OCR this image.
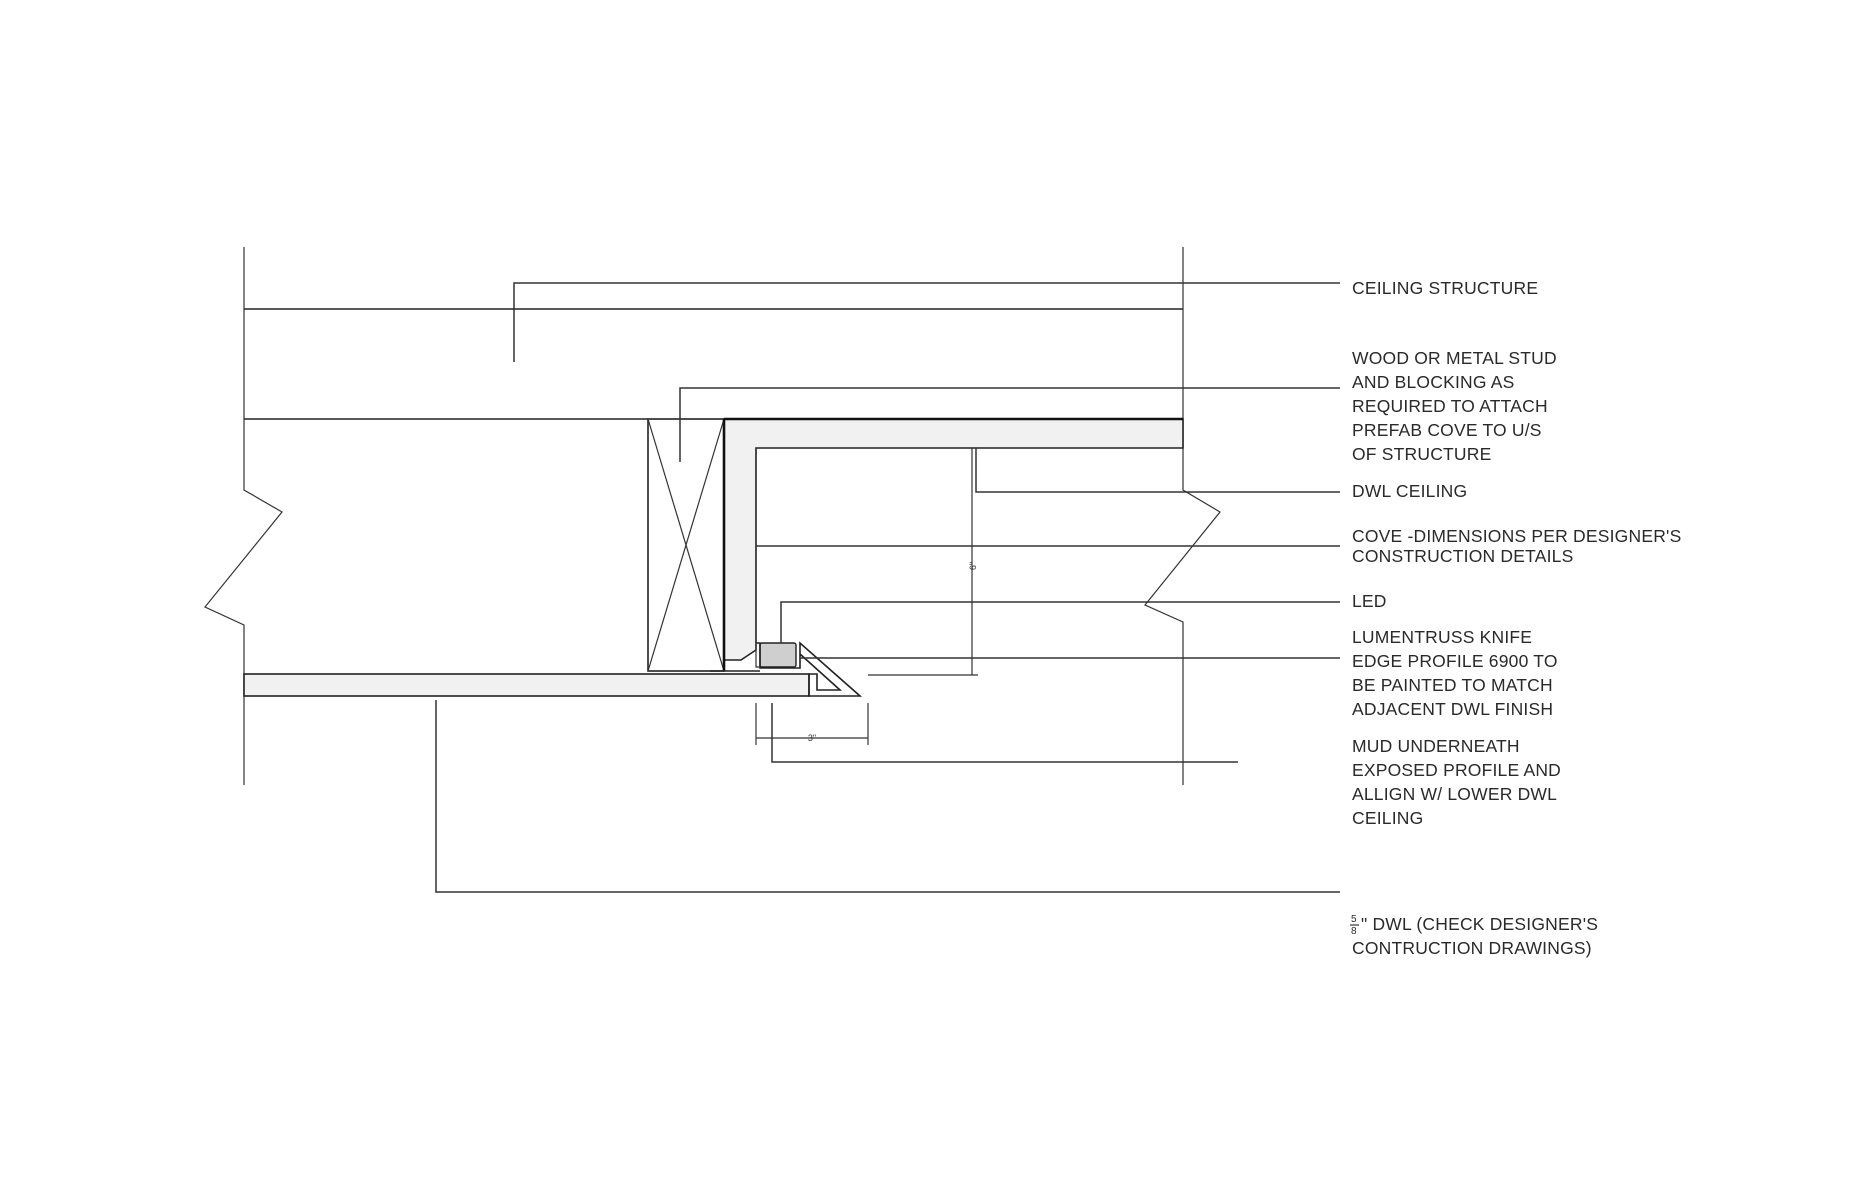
6"
3"
CEILING STRUCTURE
WOOD OR METAL STUD AND BLOCKING AS REQUIRED TO ATTACH PREFAB COVE TO U/S OF STRUCTURE
DWL CEILING
COVE -DIMENSIONS PER DESIGNER'S CONSTRUCTION DETAILS
LED
LUMENTRUSS KNIFE EDGE PROFILE 6900 TO BE PAINTED TO MATCH ADJACENT DWL FINISH
MUD UNDERNEATH EXPOSED PROFILE AND ALLIGN W/ LOWER DWL CEILING
5
8 " DWL (CHECK DESIGNER'S CONTRUCTION DRAWINGS)
